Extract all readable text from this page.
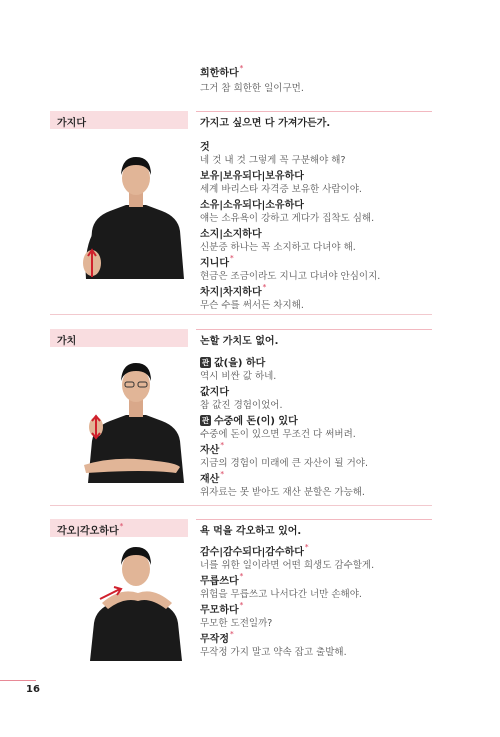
희한하다*
그거 참 희한한 일이구먼.
가지다	가지고 싶으면 다 가져가든가.
것
네 것 내 것 그렇게 꼭 구분해야 해?
보유|보유되다|보유하다
세계 바리스타 자격증 보유한 사람이야.
소유|소유되다|소유하다
얘는 소유욕이 강하고 게다가 집착도 심해.
소지|소지하다
신분증 하나는 꼭 소지하고 다녀야 해.
지니다*
현금은 조금이라도 지니고 다녀야 안심이지.
차지|차지하다*
무슨 수를 써서든 차지해.
가치	논할 가치도 없어.
관 값(을) 하다
역시 비싼 값 하네.
값지다
참 값진 경험이었어.
관 수중에 돈(이) 있다
수중에 돈이 있으면 무조건 다 써버려.
자산*
지금의 경험이 미래에 큰 자산이 될 거야.
재산*
위자료는 못 받아도 재산 분할은 가능해.
각오|각오하다*	욕 먹을 각오하고 있어.
감수|감수되다|감수하다*
너를 위한 일이라면 어떤 희생도 감수할게.
무릅쓰다*
위험을 무릅쓰고 나서다간 너만 손해야.
무모하다*
무모한 도전일까?
무작정*
무작정 가지 말고 약속 잡고 출발해.
16
